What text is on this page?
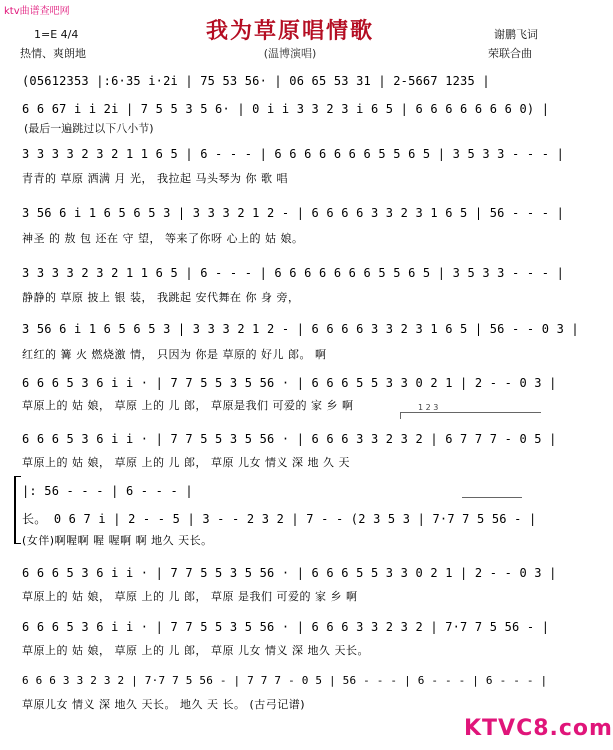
ktv曲谱查吧网
我为草原唱情歌
(温博演唱)
1=E 4/4
热情、爽朗地
谢鹏飞词
荣联合曲
(05612353 |:6·35 i·2i | 75 53 56· | 06 65 53 31 | 2-5667 1235 |
6 6 67 i i 2i | 7 5 5 3 5 6· | 0 i i 3 3 2 3 i 6 5 | 6 6 6 6 6 6 6 0) |
(最后一遍跳过以下八小节)
3 3 3 3 2 3 2 1 1 6 5 | 6 - - - | 6 6 6 6 6 6 6 5 5 6 5 | 3 5 3 3 - - - |
青青的 草原 洒满 月 光， 我拉起 马头琴为 你 歌 唱
3 56 6 i 1 6 5 6 5 3 | 3 3 3 2 1 2 - | 6 6 6 6 3 3 2 3 1 6 5 | 56 - - - |
神圣 的 敖 包 还在 守 望， 等来了你呀 心上的 姑 娘。
3 3 3 3 2 3 2 1 1 6 5 | 6 - - - | 6 6 6 6 6 6 6 5 5 6 5 | 3 5 3 3 - - - |
静静的 草原 披上 银 装， 我跳起 安代舞在 你 身 旁，
3 56 6 i 1 6 5 6 5 3 | 3 3 3 2 1 2 - | 6 6 6 6 3 3 2 3 1 6 5 | 56 - - 0 3 |
红红的 篝 火 燃烧激 情， 只因为 你是 草原的 好儿 郎。 啊
6 6 6 5 3 6 i i · | 7 7 5 5 3 5 56 · | 6 6 6 5 5 3 3 0 2 1 | 2 - - 0 3 |
草原上的 姑 娘， 草原 上的 儿 郎， 草原是我们 可爱的 家 乡 啊	1 2 3
6 6 6 5 3 6 i i · | 7 7 5 5 3 5 56 · | 6 6 6 3 3 2 3 2 | 6 7 7 7 - 0 5 |
草原上的 姑 娘， 草原 上的 儿 郎， 草原 儿女 情义 深 地 久 天
|: 56 - - - | 6 - - - |
长。 0 6 7 i | 2 - - 5 | 3 - - 2 3 2 | 7 - - (2 3 5 3 | 7·7 7 5 56 - |
(女伴)啊喔啊 喔 喔啊 啊 地久 天长。
6 6 6 5 3 6 i i · | 7 7 5 5 3 5 56 · | 6 6 6 5 5 3 3 0 2 1 | 2 - - 0 3 |
草原上的 姑 娘， 草原 上的 儿 郎， 草原 是我们 可爱的 家 乡 啊
6 6 6 5 3 6 i i · | 7 7 5 5 3 5 56 · | 6 6 6 3 3 2 3 2 | 7·7 7 5 56 - |
草原上的 姑 娘， 草原 上的 儿 郎， 草原 儿女 情义 深 地久 天长。
6 6 6 3 3 2 3 2 | 7·7 7 5 56 - | 7 7 7 - 0 5 | 56 - - - | 6 - - - | 6 - - - |
草原儿女 情义 深 地久 天长。 地久 天 长。 (古弓记谱)
KTVC8.com
